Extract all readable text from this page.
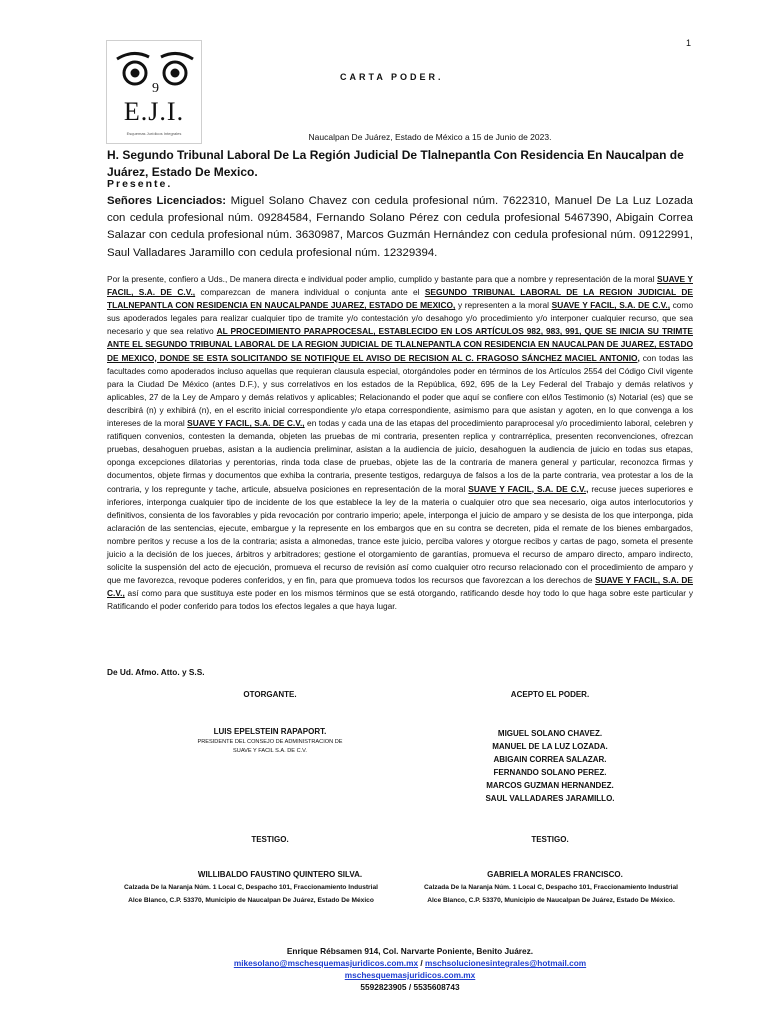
1
9
E.J.I.
Esquemas Jurídicos Integrales
CARTA PODER.
Naucalpan De Juárez, Estado de México a 15 de Junio de 2023.
H. Segundo Tribunal Laboral De La Región Judicial De Tlalnepantla Con Residencia En Naucalpan de Juárez, Estado De Mexico.
Presente.
Señores Licenciados: Miguel Solano Chavez con cedula profesional núm. 7622310, Manuel De La Luz Lozada con cedula profesional núm. 09284584, Fernando Solano Pérez con cedula profesional 5467390, Abigain Correa Salazar con cedula profesional núm. 3630987, Marcos Guzmán Hernández con cedula profesional núm. 09122991, Saul Valladares Jaramillo con cedula profesional núm. 12329394.
Por la presente, confiero a Uds., De manera directa e individual poder amplio, cumplido y bastante para que a nombre y representación de la moral SUAVE Y FACIL, S.A. DE C.V., comparezcan de manera individual o conjunta ante el SEGUNDO TRIBUNAL LABORAL DE LA REGION JUDICIAL DE TLALNEPANTLA CON RESIDENCIA EN NAUCALPANDE JUAREZ, ESTADO DE MEXICO, y representen a la moral SUAVE Y FACIL, S.A. DE C.V., como sus apoderados legales para realizar cualquier tipo de tramite y/o contestación y/o desahogo y/o procedimiento y/o interponer cualquier recurso, que sea necesario y que sea relativo AL PROCEDIMIENTO PARAPROCESAL, ESTABLECIDO EN LOS ARTÍCULOS 982, 983, 991, QUE SE INICIA SU TRIMTE ANTE EL SEGUNDO TRIBUNAL LABORAL DE LA REGION JUDICIAL DE TLALNEPANTLA CON RESIDENCIA EN NAUCALPAN DE JUAREZ, ESTADO DE MEXICO, DONDE SE ESTA SOLICITANDO SE NOTIFIQUE EL AVISO DE RECISION AL C. FRAGOSO SÁNCHEZ MACIEL ANTONIO, con todas las facultades como apoderados incluso aquellas que requieran clausula especial, otorgándoles poder en términos de los Artículos 2554 del Código Civil vigente para la Ciudad De México (antes D.F.), y sus correlativos en los estados de la República, 692, 695 de la Ley Federal del Trabajo y demás relativos y aplicables, 27 de la Ley de Amparo y demás relativos y aplicables; Relacionando el poder que aquí se confiere con el/los Testimonio (s) Notarial (es) que se describirá (n) y exhibirá (n), en el escrito inicial correspondiente y/o etapa correspondiente, asimismo para que asistan y agoten, en lo que convenga a los intereses de la moral SUAVE Y FACIL, S.A. DE C.V., en todas y cada una de las etapas del procedimiento paraprocesal y/o procedimiento laboral, celebren y ratifiquen convenios, contesten la demanda, objeten las pruebas de mi contraria, presenten replica y contrarréplica, presenten reconvenciones, ofrezcan pruebas, desahoguen pruebas, asistan a la audiencia preliminar, asistan a la audiencia de juicio, desahoguen la audiencia de juicio en todas sus etapas, oponga excepciones dilatorias y perentorias, rinda toda clase de pruebas, objete las de la contraria de manera general y particular, reconozca firmas y documentos, objete firmas y documentos que exhiba la contraria, presente testigos, redarguya de falsos a los de la parte contraria, vea protestar a los de la contraria, y los repregunte y tache, articule, absuelva posiciones en representación de la moral SUAVE Y FACIL, S.A. DE C.V., recuse jueces superiores e inferiores, interponga cualquier tipo de incidente de los que establece la ley de la materia o cualquier otro que sea necesario, oiga autos interlocutorios y definitivos, consienta de los favorables y pida revocación por contrario imperio; apele, interponga el juicio de amparo y se desista de los que interponga, pida aclaración de las sentencias, ejecute, embargue y la represente en los embargos que en su contra se decreten, pida el remate de los bienes embargados, nombre peritos y recuse a los de la contraria; asista a almonedas, trance este juicio, perciba valores y otorgue recibos y cartas de pago, someta el presente juicio a la decisión de los jueces, árbitros y arbitradores; gestione el otorgamiento de garantías, promueva el recurso de amparo directo, amparo indirecto, solicite la suspensión del acto de ejecución, promueva el recurso de revisión así como cualquier otro recurso relacionado con el procedimiento de amparo y que me favorezca, revoque poderes conferidos, y en fin, para que promueva todos los recursos que favorezcan a los derechos de SUAVE Y FACIL, S.A. DE C.V., así como para que sustituya este poder en los mismos términos que se está otorgando, ratificando desde hoy todo lo que haga sobre este particular y Ratificando el poder conferido para todos los efectos legales a que haya lugar.
De Ud. Afmo. Atto. y S.S.
OTORGANTE.	ACEPTO EL PODER.
LUIS EPELSTEIN RAPAPORT.
PRESIDENTE DEL CONSEJO DE ADMINISTRACION DE
SUAVE Y FACIL S.A. DE C.V.
MIGUEL SOLANO CHAVEZ.
MANUEL DE LA LUZ LOZADA.
ABIGAIN CORREA SALAZAR.
FERNANDO SOLANO PEREZ.
MARCOS GUZMAN HERNANDEZ.
SAUL VALLADARES JARAMILLO.
TESTIGO.	TESTIGO.
WILLIBALDO FAUSTINO QUINTERO SILVA.	GABRIELA MORALES FRANCISCO.
Calzada De la Naranja Núm. 1 Local C, Despacho 101, Fraccionamiento Industrial
Alce Blanco, C.P. 53370, Municipio de Naucalpan De Juárez, Estado De México
Calzada De la Naranja Núm. 1 Local C, Despacho 101, Fraccionamiento Industrial
Alce Blanco, C.P. 53370, Municipio de Naucalpan De Juárez, Estado De México.
Enrique Rébsamen 914, Col. Narvarte Poniente, Benito Juárez.
mikesolano@mschesquemasjuridicos.com.mx / mschsolucionesintegrales@hotmail.com
mschesquemasjuridicos.com.mx
5592823905 / 5535608743
